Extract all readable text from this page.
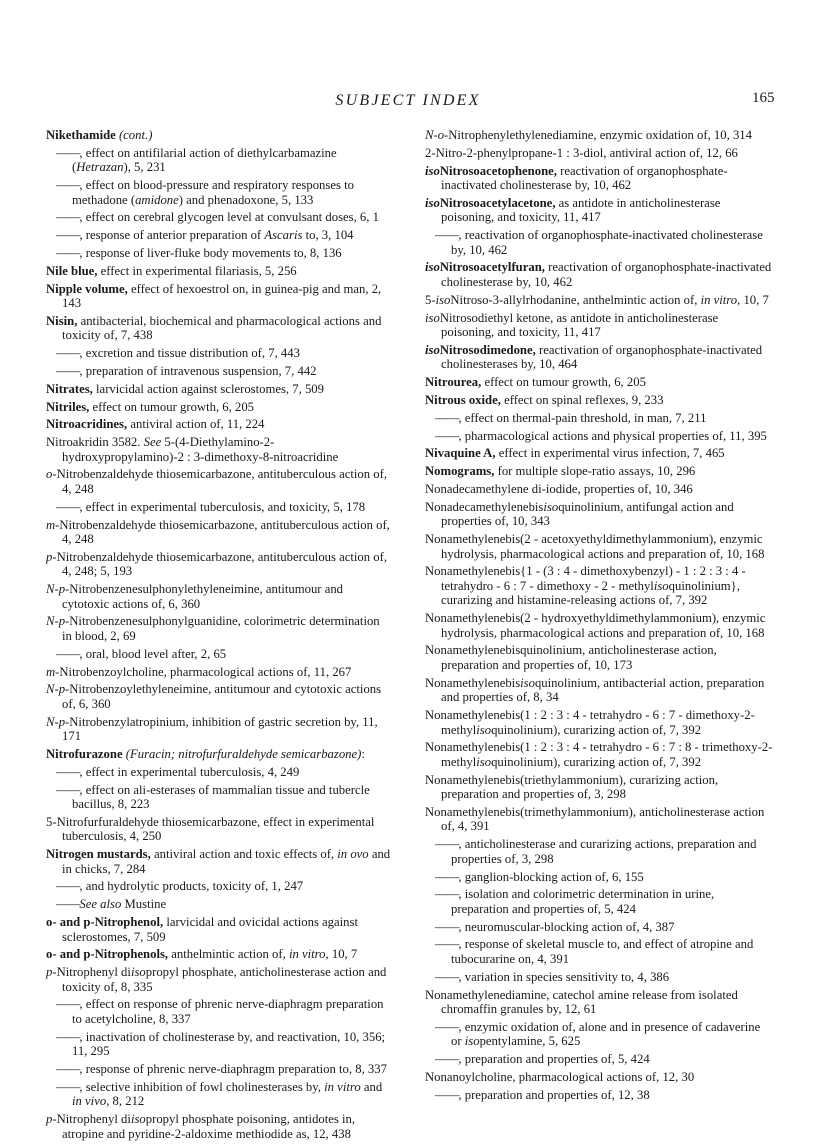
SUBJECT INDEX	165
Nikethamide (cont.)
——, effect on antifilarial action of diethylcarbamazine (Hetrazan), 5, 231
——, effect on blood-pressure and respiratory responses to methadone (amidone) and phenadoxone, 5, 133
——, effect on cerebral glycogen level at convulsant doses, 6, 1
——, response of anterior preparation of Ascaris to, 3, 104
——, response of liver-fluke body movements to, 8, 136
Nile blue, effect in experimental filariasis, 5, 256
Nipple volume, effect of hexoestrol on, in guinea-pig and man, 2, 143
Nisin, antibacterial, biochemical and pharmacological actions and toxicity of, 7, 438
——, excretion and tissue distribution of, 7, 443
——, preparation of intravenous suspension, 7, 442
Nitrates, larvicidal action against sclerostomes, 7, 509
Nitriles, effect on tumour growth, 6, 205
Nitroacridines, antiviral action of, 11, 224
Nitroakridin 3582. See 5-(4-Diethylamino-2-hydroxypropylamino)-2 : 3-dimethoxy-8-nitroacridine
o-Nitrobenzaldehyde thiosemicarbazone, antituberculous action of, 4, 248
——, effect in experimental tuberculosis, and toxicity, 5, 178
m-Nitrobenzaldehyde thiosemicarbazone, antituberculous action of, 4, 248
p-Nitrobenzaldehyde thiosemicarbazone, antituberculous action of, 4, 248; 5, 193
N-p-Nitrobenzenesulphonylethyleneimine, antitumour and cytotoxic actions of, 6, 360
N-p-Nitrobenzenesulphonylguanidine, colorimetric determination in blood, 2, 69
——, oral, blood level after, 2, 65
m-Nitrobenzoylcholine, pharmacological actions of, 11, 267
N-p-Nitrobenzoylethyleneimine, antitumour and cytotoxic actions of, 6, 360
N-p-Nitrobenzylatropinium, inhibition of gastric secretion by, 11, 171
Nitrofurazone (Furacin; nitrofurfuraldehyde semicarbazone):
——, effect in experimental tuberculosis, 4, 249
——, effect on ali-esterases of mammalian tissue and tubercle bacillus, 8, 223
5-Nitrofurfuraldehyde thiosemicarbazone, effect in experimental tuberculosis, 4, 250
Nitrogen mustards, antiviral action and toxic effects of, in ovo and in chicks, 7, 284
——, and hydrolytic products, toxicity of, 1, 247
——See also Mustine
o- and p-Nitrophenol, larvicidal and ovicidal actions against sclerostomes, 7, 509
o- and p-Nitrophenols, anthelmintic action of, in vitro, 10, 7
p-Nitrophenyl diisopropyl phosphate, anticholinesterase action and toxicity of, 8, 335
——, effect on response of phrenic nerve-diaphragm preparation to acetylcholine, 8, 337
——, inactivation of cholinesterase by, and reactivation, 10, 356; 11, 295
——, response of phrenic nerve-diaphragm preparation to, 8, 337
——, selective inhibition of fowl cholinesterases by, in vitro and in vivo, 8, 212
p-Nitrophenyl diisopropyl phosphate poisoning, antidotes in, atropine and pyridine-2-aldoxime methiodide as, 12, 438
N-o-Nitrophenylethylenediamine, enzymic oxidation of, 10, 314
2-Nitro-2-phenylpropane-1 : 3-diol, antiviral action of, 12, 66
isoNitrosoacetophenone, reactivation of organophosphate-inactivated cholinesterase by, 10, 462
isoNitrosoacetylacetone, as antidote in anticholinesterase poisoning, and toxicity, 11, 417
——, reactivation of organophosphate-inactivated cholinesterase by, 10, 462
isoNitrosoacetylfuran, reactivation of organophosphate-inactivated cholinesterase by, 10, 462
5-isoNitroso-3-allylrhodanine, anthelmintic action of, in vitro, 10, 7
isoNitrosodiethyl ketone, as antidote in anticholinesterase poisoning, and toxicity, 11, 417
isoNitrosodimedone, reactivation of organophosphate-inactivated cholinesterases by, 10, 464
Nitrourea, effect on tumour growth, 6, 205
Nitrous oxide, effect on spinal reflexes, 9, 233
——, effect on thermal-pain threshold, in man, 7, 211
——, pharmacological actions and physical properties of, 11, 395
Nivaquine A, effect in experimental virus infection, 7, 465
Nomograms, for multiple slope-ratio assays, 10, 296
Nonadecamethylene di-iodide, properties of, 10, 346
Nonadecamethylenebisisoquinolinium, antifungal action and properties of, 10, 343
Nonamethylenebis(2 - acetoxyethyldimethylammonium), enzymic hydrolysis, pharmacological actions and preparation of, 10, 168
Nonamethylenebis{1 - (3 : 4 - dimethoxybenzyl) - 1 : 2 : 3 : 4 - tetrahydro - 6 : 7 - dimethoxy - 2 - methylisoquinolinium}, curarizing and histamine-releasing actions of, 7, 392
Nonamethylenebis(2 - hydroxyethyldimethylammonium), enzymic hydrolysis, pharmacological actions and preparation of, 10, 168
Nonamethylenebisquinolinium, anticholinesterase action, preparation and properties of, 10, 173
Nonamethylenebisisoquinolinium, antibacterial action, preparation and properties of, 8, 34
Nonamethylenebis(1 : 2 : 3 : 4 - tetrahydro - 6 : 7 - dimethoxy-2-methylisoquinolinium), curarizing action of, 7, 392
Nonamethylenebis(1 : 2 : 3 : 4 - tetrahydro - 6 : 7 : 8 - trimethoxy-2-methylisoquinolinium), curarizing action of, 7, 392
Nonamethylenebis(triethylammonium), curarizing action, preparation and properties of, 3, 298
Nonamethylenebis(trimethylammonium), anticholinesterase action of, 4, 391
——, anticholinesterase and curarizing actions, preparation and properties of, 3, 298
——, ganglion-blocking action of, 6, 155
——, isolation and colorimetric determination in urine, preparation and properties of, 5, 424
——, neuromuscular-blocking action of, 4, 387
——, response of skeletal muscle to, and effect of atropine and tubocurarine on, 4, 391
——, variation in species sensitivity to, 4, 386
Nonamethylenediamine, catechol amine release from isolated chromaffin granules by, 12, 61
——, enzymic oxidation of, alone and in presence of cadaverine or isopentylamine, 5, 625
——, preparation and properties of, 5, 424
Nonanoylcholine, pharmacological actions of, 12, 30
——, preparation and properties of, 12, 38
